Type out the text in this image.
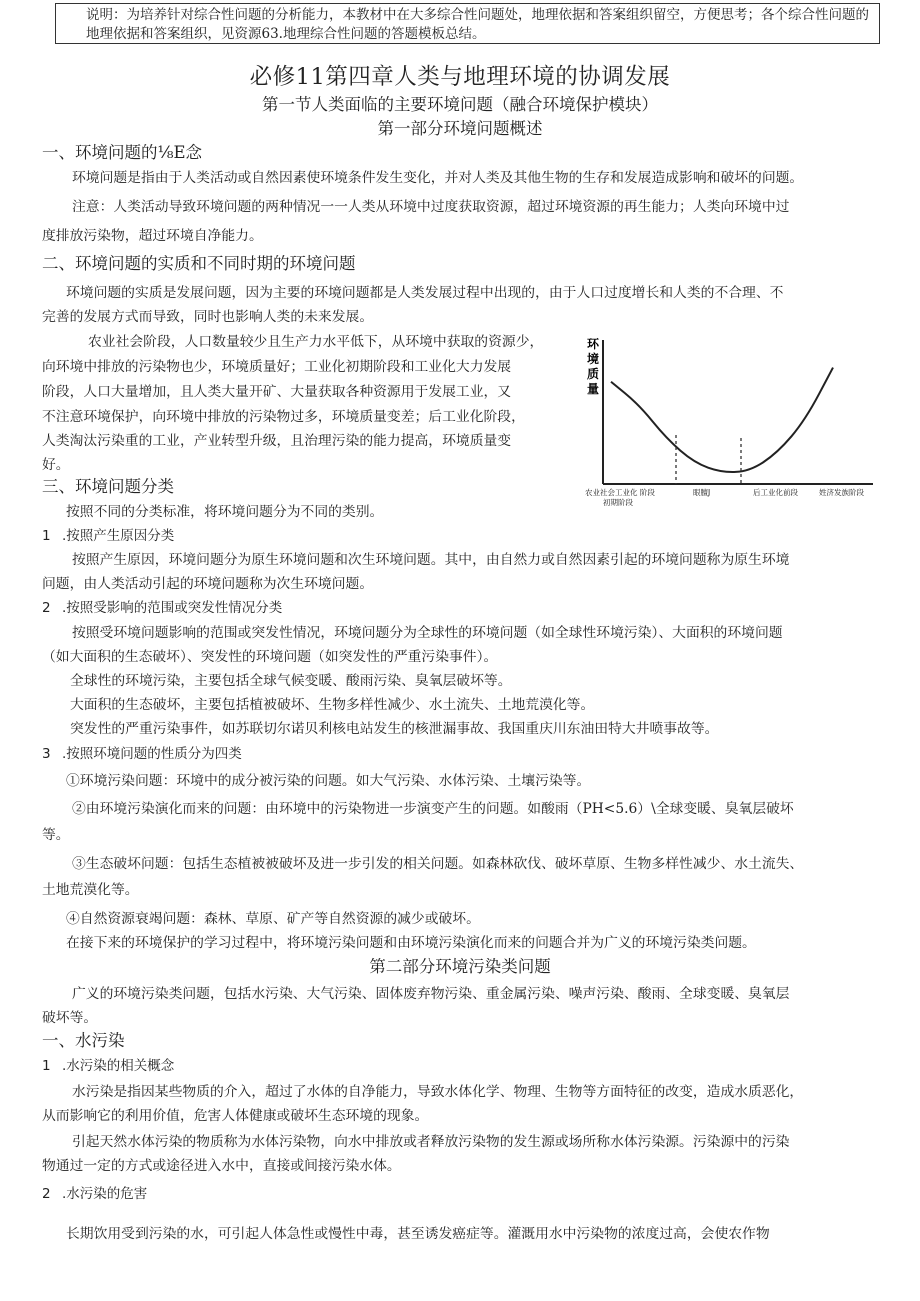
说明：为培养针对综合性问题的分析能力，本教材中在大多综合性问题处，地理依据和答案组织留空，方便思考；各个综合性问题的地理依据和答案组织，见资源63.地理综合性问题的答题模板总结。
必修11第四章人类与地理环境的协调发展
第一节人类面临的主要环境问题（融合环境保护模块）
第一部分环境问题概述
一、环境问题的⅛E念
环境问题是指由于人类活动或自然因素使环境条件发生变化，并对人类及其他生物的生存和发展造成影响和破坏的问题。
注意：人类活动导致环境问题的两种情况一一人类从环境中过度获取资源，超过环境资源的再生能力；人类向环境中过
度排放污染物，超过环境自净能力。
二、环境问题的实质和不同时期的环境问题
环境问题的实质是发展问题，因为主要的环境问题都是人类发展过程中出现的，由于人口过度增长和人类的不合理、不
完善的发展方式而导致，同时也影响人类的未来发展。
农业社会阶段，人口数量较少且生产力水平低下，从环境中获取的资源少，
向环境中排放的污染物也少，环境质量好；工业化初期阶段和工业化大力发展
阶段，人口大量增加，且人类大量开矿、大量获取各种资源用于发展工业，又
不注意环境保护，向环境中排放的污染物过多，环境质量变差；后工业化阶段，
人类淘汰污染重的工业，产业转型升级，且治理污染的能力提高，环境质量变
好。
环
境
质
量
农业社会工业化 阶段
初期阶段
眼膻J	后工业化前段	姓济发族阶段
三、环境问题分类
按照不同的分类标准，将环境问题分为不同的类别。
1 .按照产生原因分类
按照产生原因，环境问题分为原生环境问题和次生环境问题。其中，由自然力或自然因素引起的环境问题称为原生环境
问题，由人类活动引起的环境问题称为次生环境问题。
2 .按照受影响的范围或突发性情况分类
按照受环境问题影响的范围或突发性情况，环境问题分为全球性的环境问题（如全球性环境污染）、大面积的环境问题
（如大面积的生态破坏）、突发性的环境问题（如突发性的严重污染事件）。
全球性的环境污染，主要包括全球气候变暖、酸雨污染、臭氧层破坏等。
大面积的生态破坏，主要包括植被破坏、生物多样性减少、水土流失、土地荒漠化等。
突发性的严重污染事件，如苏联切尔诺贝利核电站发生的核泄漏事故、我国重庆川东油田特大井喷事故等。
3 .按照环境问题的性质分为四类
①环境污染问题：环境中的成分被污染的问题。如大气污染、水体污染、土壤污染等。
②由环境污染演化而来的问题：由环境中的污染物进一步演变产生的问题。如酸雨（PH<5.6）\全球变暖、臭氧层破坏
等。
③生态破坏问题：包括生态植被被破坏及进一步引发的相关问题。如森林砍伐、破坏草原、生物多样性减少、水土流失、
土地荒漠化等。
④自然资源衰竭问题：森林、草原、矿产等自然资源的减少或破坏。
在接下来的环境保护的学习过程中，将环境污染问题和由环境污染演化而来的问题合并为广义的环境污染类问题。
第二部分环境污染类问题
广义的环境污染类问题，包括水污染、大气污染、固体废弃物污染、重金属污染、噪声污染、酸雨、全球变暖、臭氧层
破坏等。
一、水污染
1 .水污染的相关概念
水污染是指因某些物质的介入，超过了水体的自净能力，导致水体化学、物理、生物等方面特征的改变，造成水质恶化，
从而影响它的利用价值，危害人体健康或破坏生态环境的现象。
引起天然水体污染的物质称为水体污染物，向水中排放或者释放污染物的发生源或场所称水体污染源。污染源中的污染
物通过一定的方式或途径进入水中，直接或间接污染水体。
2 .水污染的危害
长期饮用受到污染的水，可引起人体急性或慢性中毒，甚至诱发癌症等。灌溉用水中污染物的浓度过高，会使农作物
